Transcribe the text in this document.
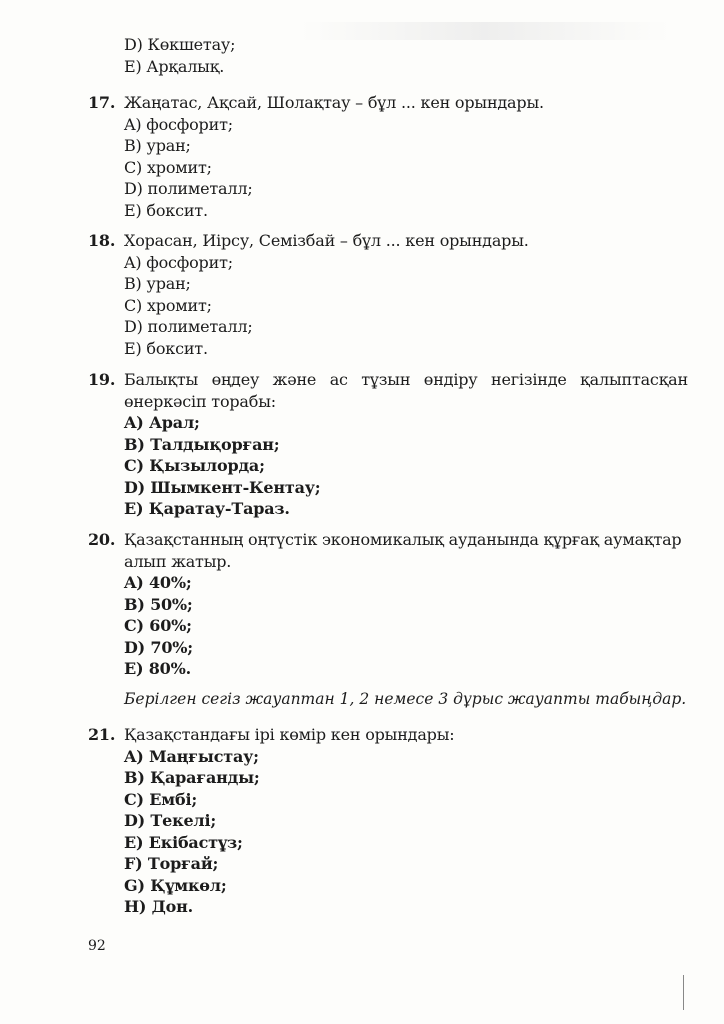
D) Көкшетау;
E) Арқалық.
17. Жаңатас, Ақсай, Шолақтау – бұл ... кен орындары.
A) фосфорит;
B) уран;
C) хромит;
D) полиметалл;
E) боксит.
18. Хорасан, Иірсу, Семізбай – бұл ... кен орындары.
A) фосфорит;
B) уран;
C) хромит;
D) полиметалл;
E) боксит.
19. Балықты өңдеу және ас тұзын өндіру негізінде қалыптасқан өнеркәсіп торабы:
A) Арал;
B) Талдықорған;
C) Қызылорда;
D) Шымкент-Кентау;
E) Қаратау-Тараз.
20. Қазақстанның оңтүстік экономикалық ауданында құрғақ аумақтар алып жатыр.
A) 40%;
B) 50%;
C) 60%;
D) 70%;
E) 80%.
Берілген сегіз жауаптан 1, 2 немесе 3 дұрыс жауапты табыңдар.
21. Қазақстандағы ірі көмір кен орындары:
A) Маңғыстау;
B) Қарағанды;
C) Ембі;
D) Текелі;
E) Екібастұз;
F) Торғай;
G) Құмкөл;
H) Дон.
92
